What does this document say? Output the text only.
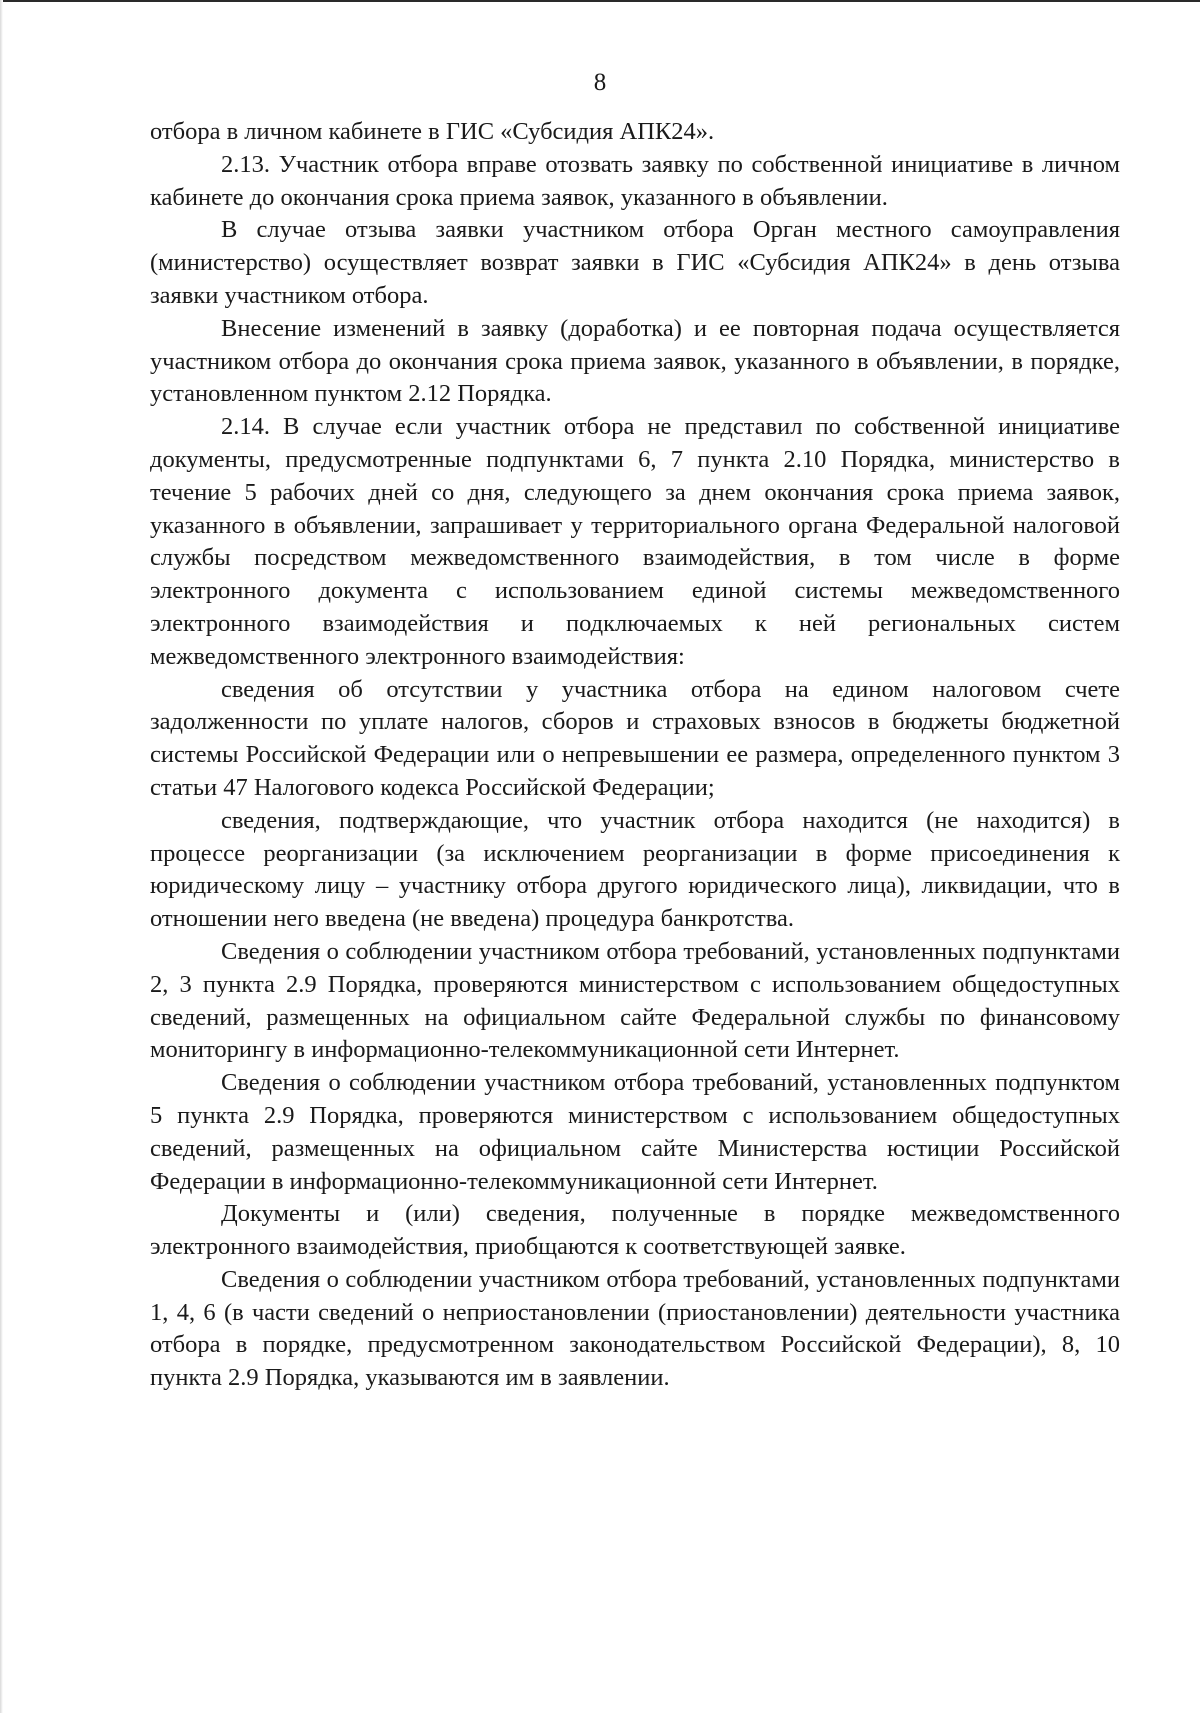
8

отбора в личном кабинете в ГИС «Субсидия АПК24».

2.13. Участник отбора вправе отозвать заявку по собственной инициативе в личном кабинете до окончания срока приема заявок, указанного в объявлении.

В случае отзыва заявки участником отбора Орган местного самоуправления (министерство) осуществляет возврат заявки в ГИС «Субсидия АПК24» в день отзыва заявки участником отбора.

Внесение изменений в заявку (доработка) и ее повторная подача осуществляется участником отбора до окончания срока приема заявок, указанного в объявлении, в порядке, установленном пунктом 2.12 Порядка.

2.14. В случае если участник отбора не представил по собственной инициативе документы, предусмотренные подпунктами 6, 7 пункта 2.10 Порядка, министерство в течение 5 рабочих дней со дня, следующего за днем окончания срока приема заявок, указанного в объявлении, запрашивает у территориального органа Федеральной налоговой службы посредством межведомственного взаимодействия, в том числе в форме электронного документа с использованием единой системы межведомственного электронного взаимодействия и подключаемых к ней региональных систем межведомственного электронного взаимодействия:

сведения об отсутствии у участника отбора на едином налоговом счете задолженности по уплате налогов, сборов и страховых взносов в бюджеты бюджетной системы Российской Федерации или о непревышении ее размера, определенного пунктом 3 статьи 47 Налогового кодекса Российской Федерации;

сведения, подтверждающие, что участник отбора находится (не находится) в процессе реорганизации (за исключением реорганизации в форме присоединения к юридическому лицу – участнику отбора другого юридического лица), ликвидации, что в отношении него введена (не введена) процедура банкротства.

Сведения о соблюдении участником отбора требований, установленных подпунктами 2, 3 пункта 2.9 Порядка, проверяются министерством с использованием общедоступных сведений, размещенных на официальном сайте Федеральной службы по финансовому мониторингу в информационно-телекоммуникационной сети Интернет.

Сведения о соблюдении участником отбора требований, установленных подпунктом 5 пункта 2.9 Порядка, проверяются министерством с использованием общедоступных сведений, размещенных на официальном сайте Министерства юстиции Российской Федерации в информационно-телекоммуникационной сети Интернет.

Документы и (или) сведения, полученные в порядке межведомственного электронного взаимодействия, приобщаются к соответствующей заявке.

Сведения о соблюдении участником отбора требований, установленных подпунктами 1, 4, 6 (в части сведений о неприостановлении (приостановлении) деятельности участника отбора в порядке, предусмотренном законодательством Российской Федерации), 8, 10 пункта 2.9 Порядка, указываются им в заявлении.
